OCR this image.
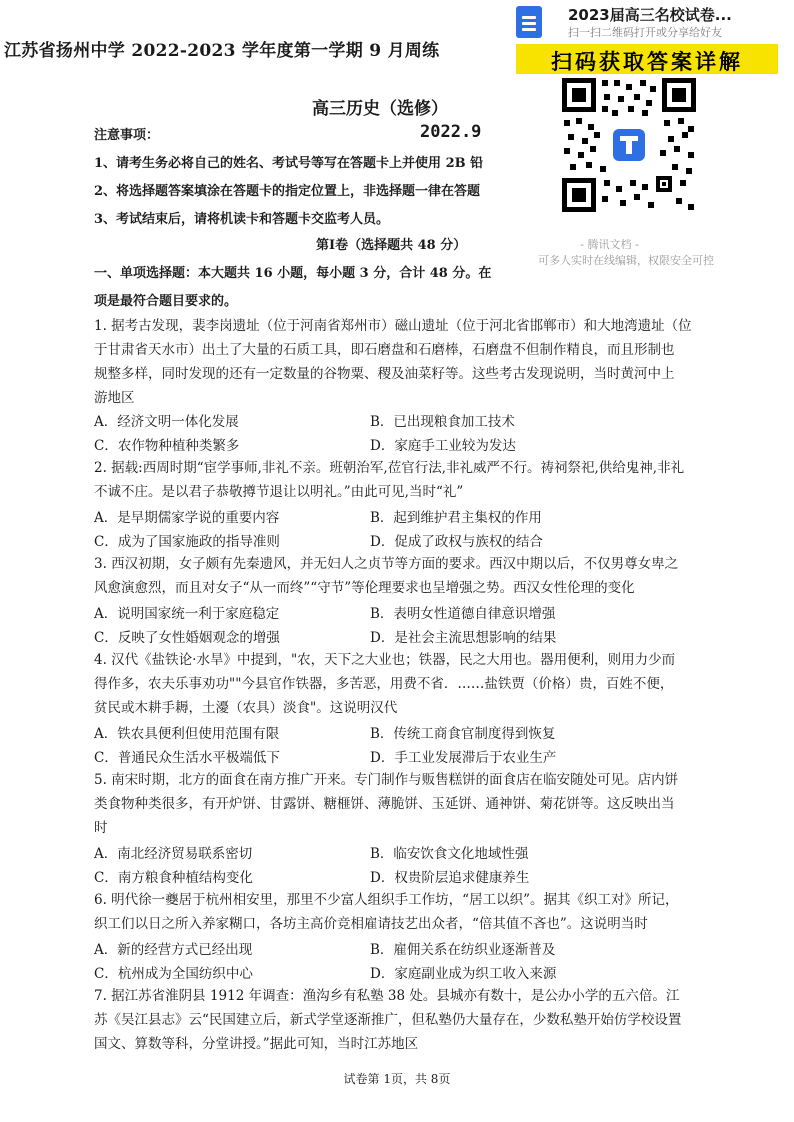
江苏省扬州中学 2022-2023 学年度第一学期 9 月周练
高三历史（选修）
注意事项：	2022.9
1、请考生务必将自己的姓名、考试号等写在答题卡上并使用 2B 铅
2、将选择题答案填涂在答题卡的指定位置上，非选择题一律在答题
3、考试结束后，请将机读卡和答题卡交监考人员。
第Ⅰ卷（选择题共 48 分）
一、单项选择题：本大题共 16 小题，每小题 3 分，合计 48 分。在
项是最符合题目要求的。
1. 据考古发现，裴李岗遗址（位于河南省郑州市）磁山遗址（位于河北省邯郸市）和大地湾遗址（位
于甘肃省天水市）出土了大量的石质工具，即石磨盘和石磨棒，石磨盘不但制作精良，而且形制也
规整多样，同时发现的还有一定数量的谷物粟、稷及油菜籽等。这些考古发现说明，当时黄河中上
游地区
A．经济文明一体化发展	B．已出现粮食加工技术
C．农作物种植种类繁多	D．家庭手工业较为发达
2. 据载:西周时期“宦学事师,非礼不亲。班朝治军,莅官行法,非礼威严不行。祷祠祭祀,供给鬼神,非礼
不诚不庄。是以君子恭敬撙节退让以明礼。”由此可见,当时“礼”
A．是早期儒家学说的重要内容	B．起到维护君主集权的作用
C．成为了国家施政的指导准则	D．促成了政权与族权的结合
3. 西汉初期，女子颇有先秦遗风，并无妇人之贞节等方面的要求。西汉中期以后，不仅男尊女卑之
风愈演愈烈，而且对女子“从一而终”“守节”等伦理要求也呈增强之势。西汉女性伦理的变化
A．说明国家统一利于家庭稳定	B．表明女性道德自律意识增强
C．反映了女性婚姻观念的增强	D．是社会主流思想影响的结果
4. 汉代《盐铁论·水旱》中提到，"农，天下之大业也；铁器，民之大用也。器用便利，则用力少而
得作多，农夫乐事劝功""今县官作铁器，多苦恶，用费不省．……盐铁贾（价格）贵，百姓不便，
贫民或木耕手耨，土瀀（农具）淡食"。这说明汉代
A．铁农具便利但使用范围有限	B．传统工商食官制度得到恢复
C．普通民众生活水平极端低下	D．手工业发展滞后于农业生产
5. 南宋时期，北方的面食在南方推广开来。专门制作与贩售糕饼的面食店在临安随处可见。店内饼
类食物种类很多，有开炉饼、甘露饼、糖榧饼、薄脆饼、玉延饼、通神饼、菊花饼等。这反映出当
时
A．南北经济贸易联系密切	B．临安饮食文化地域性强
C．南方粮食种植结构变化	D．权贵阶层追求健康养生
6. 明代徐一夔居于杭州相安里，那里不少富人组织手工作坊，“居工以织”。据其《织工对》所记，
织工们以日之所入养家糊口，各坊主高价竞相雇请技艺出众者，“倍其值不吝也”。这说明当时
A．新的经营方式已经出现	B．雇佣关系在纺织业逐渐普及
C．杭州成为全国纺织中心	D．家庭副业成为织工收入来源
7. 据江苏省淮阴县 1912 年调查：渔沟乡有私塾 38 处。县城亦有数十，是公办小学的五六倍。江
苏《吴江县志》云“民国建立后，新式学堂逐渐推广，但私塾仍大量存在，少数私塾开始仿学校设置
国文、算数等科，分堂讲授。”据此可知，当时江苏地区
试卷第 1页，共 8页
2023届高三名校试卷...
扫一扫二维码打开或分享给好友
扫码获取答案详解
- 腾讯文档 -
可多人实时在线编辑，权限安全可控
